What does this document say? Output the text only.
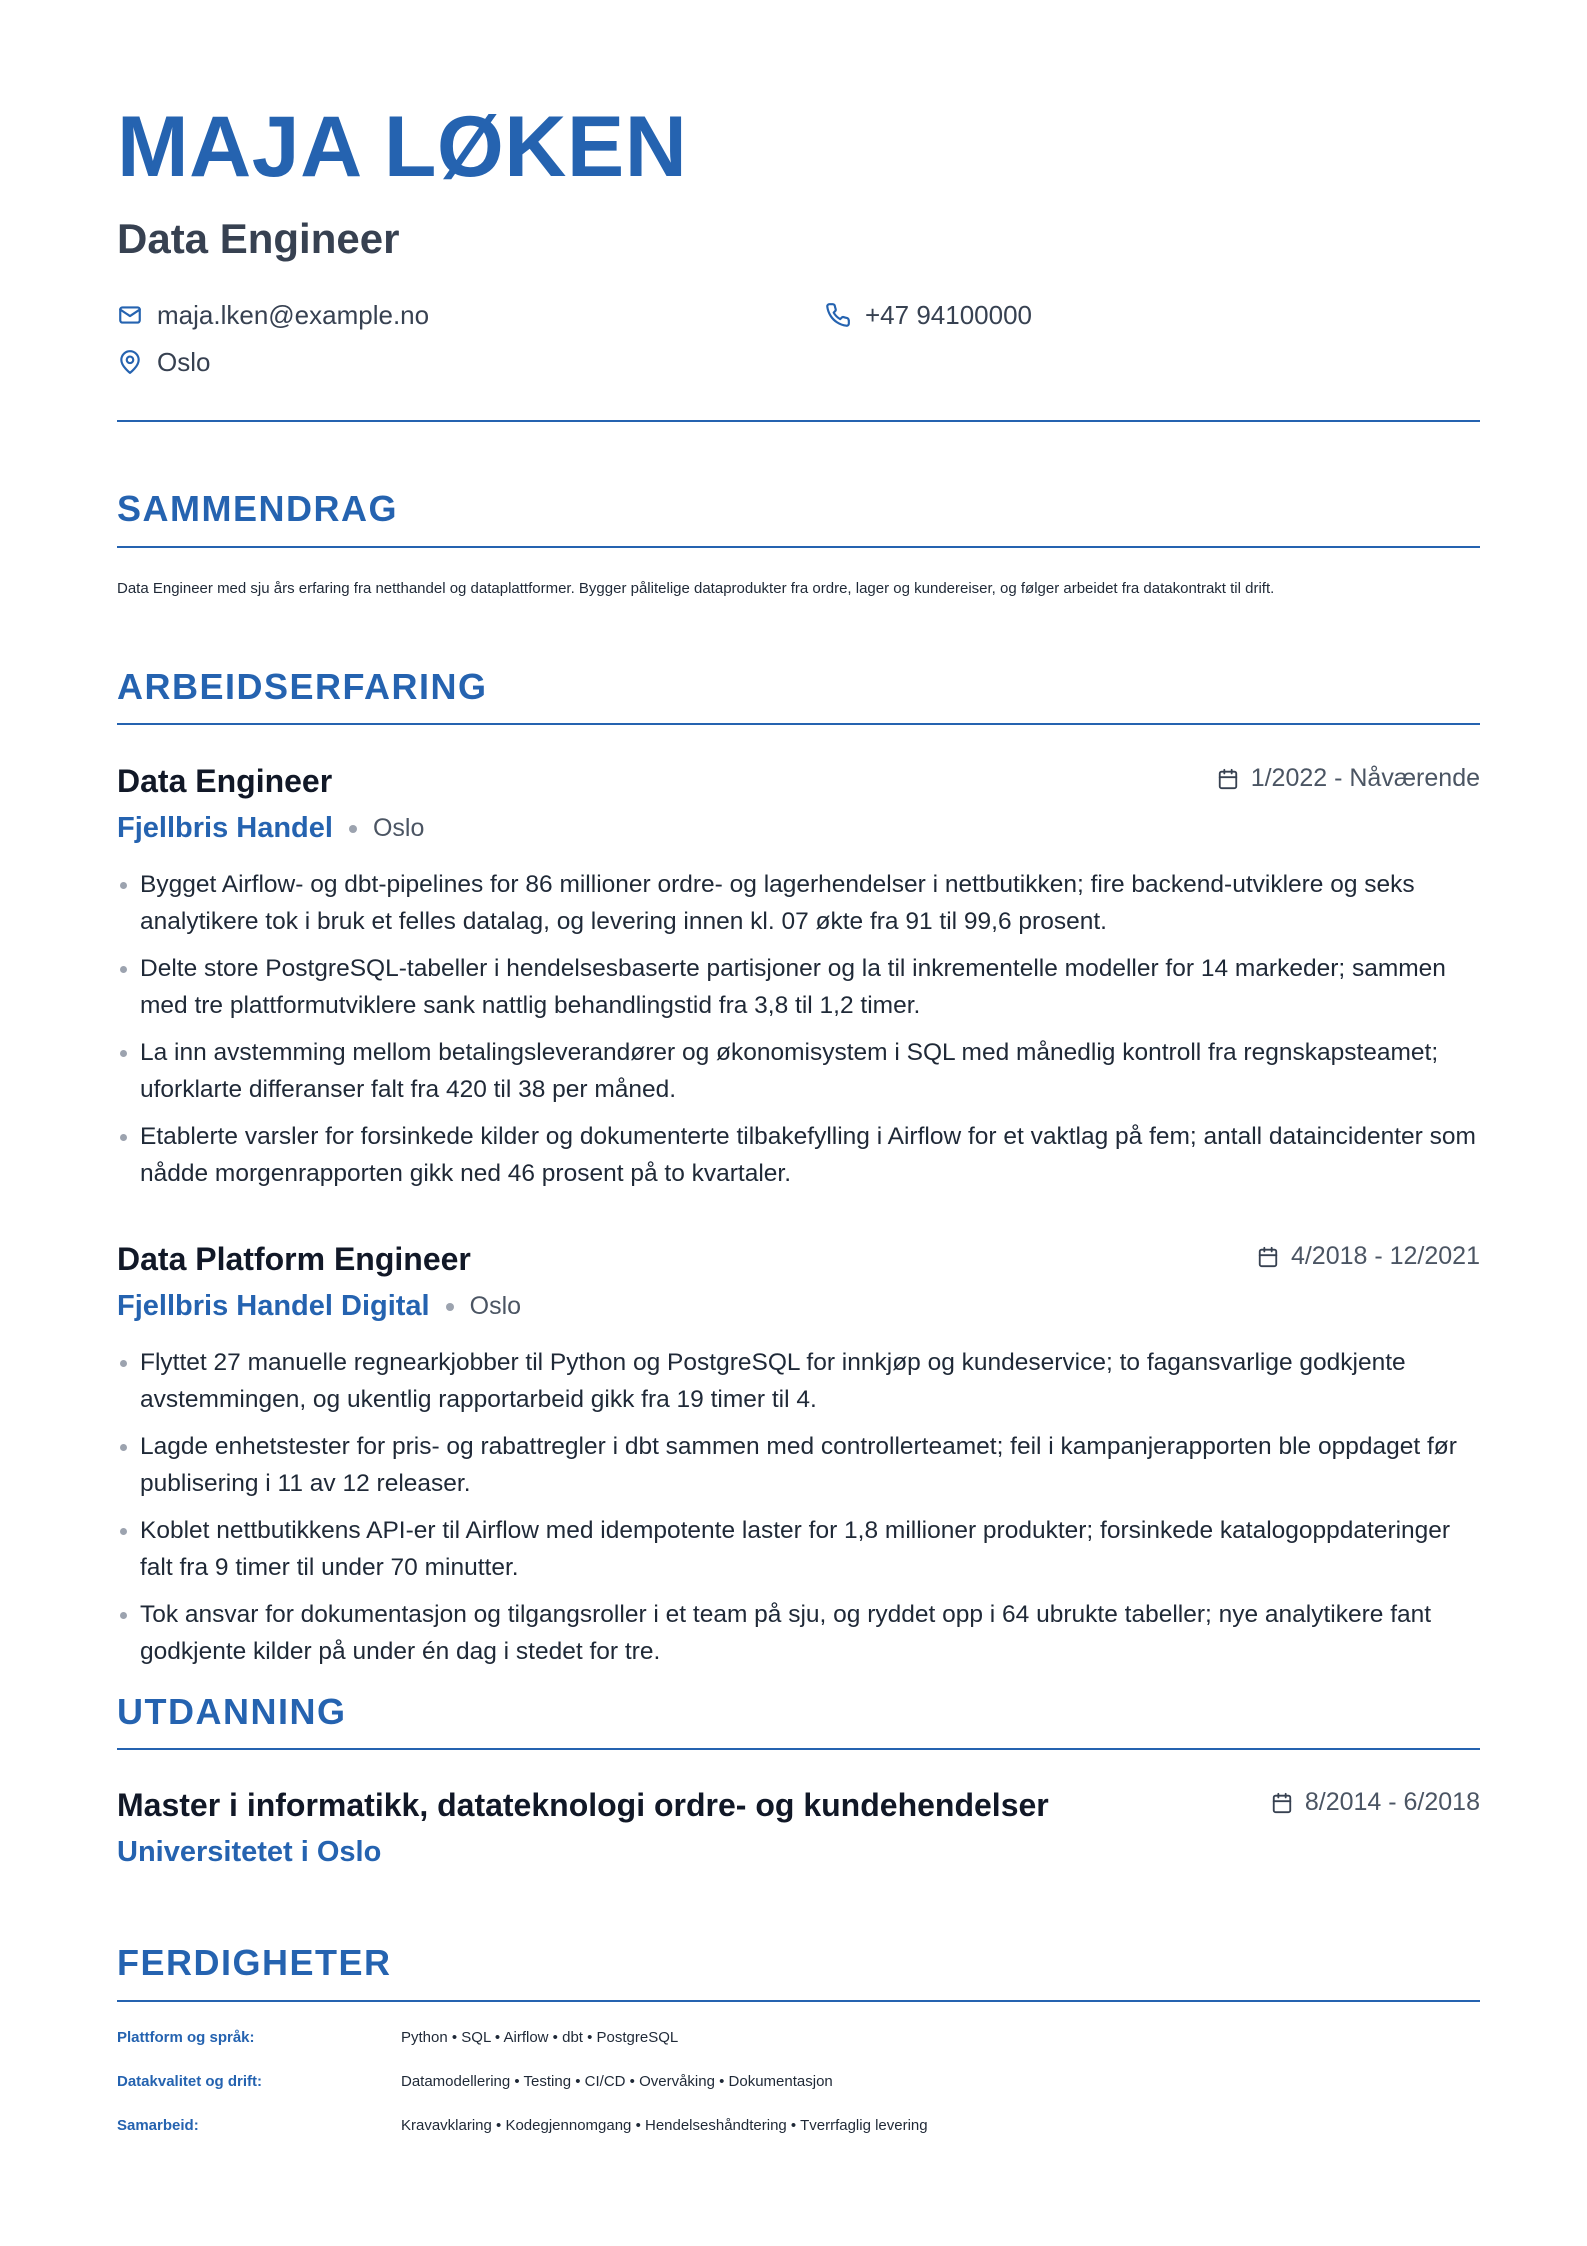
MAJA LØKEN
Data Engineer
maja.lken@example.no	+47 94100000
Oslo
SAMMENDRAG
Data Engineer med sju års erfaring fra netthandel og dataplattformer. Bygger pålitelige dataprodukter fra ordre, lager og kundereiser, og følger arbeidet fra datakontrakt til drift.
ARBEIDSERFARING
Data Engineer	1/2022 - Nåværende
Fjellbris Handel Oslo
Bygget Airflow- og dbt-pipelines for 86 millioner ordre- og lagerhendelser i nettbutikken; fire backend-utviklere og seks analytikere tok i bruk et felles datalag, og levering innen kl. 07 økte fra 91 til 99,6 prosent.
Delte store PostgreSQL-tabeller i hendelsesbaserte partisjoner og la til inkrementelle modeller for 14 markeder; sammen med tre plattformutviklere sank nattlig behandlingstid fra 3,8 til 1,2 timer.
La inn avstemming mellom betalingsleverandører og økonomisystem i SQL med månedlig kontroll fra regnskapsteamet; uforklarte differanser falt fra 420 til 38 per måned.
Etablerte varsler for forsinkede kilder og dokumenterte tilbakefylling i Airflow for et vaktlag på fem; antall dataincidenter som nådde morgenrapporten gikk ned 46 prosent på to kvartaler.
Data Platform Engineer	4/2018 - 12/2021
Fjellbris Handel Digital Oslo
Flyttet 27 manuelle regnearkjobber til Python og PostgreSQL for innkjøp og kundeservice; to fagansvarlige godkjente avstemmingen, og ukentlig rapportarbeid gikk fra 19 timer til 4.
Lagde enhetstester for pris- og rabattregler i dbt sammen med controllerteamet; feil i kampanjerapporten ble oppdaget før publisering i 11 av 12 releaser.
Koblet nettbutikkens API-er til Airflow med idempotente laster for 1,8 millioner produkter; forsinkede katalogoppdateringer falt fra 9 timer til under 70 minutter.
Tok ansvar for dokumentasjon og tilgangsroller i et team på sju, og ryddet opp i 64 ubrukte tabeller; nye analytikere fant godkjente kilder på under én dag i stedet for tre.
UTDANNING
Master i informatikk, datateknologi ordre- og kundehendelser	8/2014 - 6/2018
Universitetet i Oslo
FERDIGHETER
Plattform og språk:	Python • SQL • Airflow • dbt • PostgreSQL
Datakvalitet og drift:	Datamodellering • Testing • CI/CD • Overvåking • Dokumentasjon
Samarbeid:	Kravavklaring • Kodegjennomgang • Hendelseshåndtering • Tverrfaglig levering
